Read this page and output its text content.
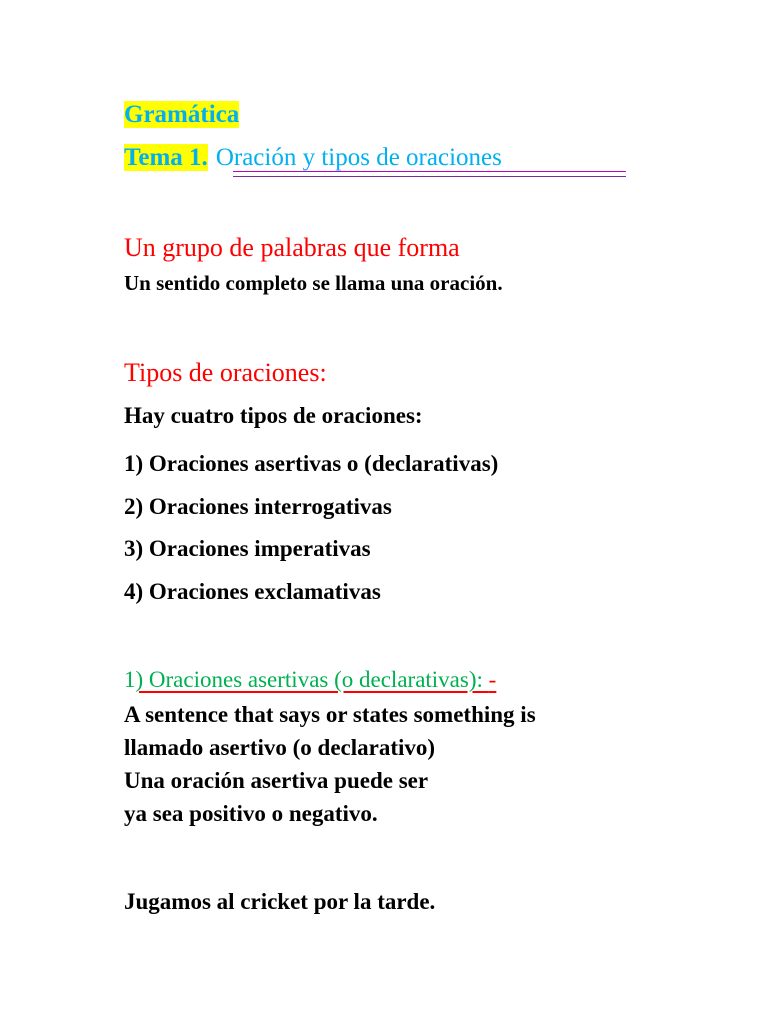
Gramática
Tema 1. Oración y tipos de oraciones
Un grupo de palabras que forma
Un sentido completo se llama una oración.
Tipos de oraciones:
Hay cuatro tipos de oraciones:
1) Oraciones asertivas o (declarativas)
2) Oraciones interrogativas
3) Oraciones imperativas
4) Oraciones exclamativas
1) Oraciones asertivas (o declarativas): -
A sentence that says or states something is
llamado asertivo (o declarativo)
Una oración asertiva puede ser
ya sea positivo o negativo.
Jugamos al cricket por la tarde.
